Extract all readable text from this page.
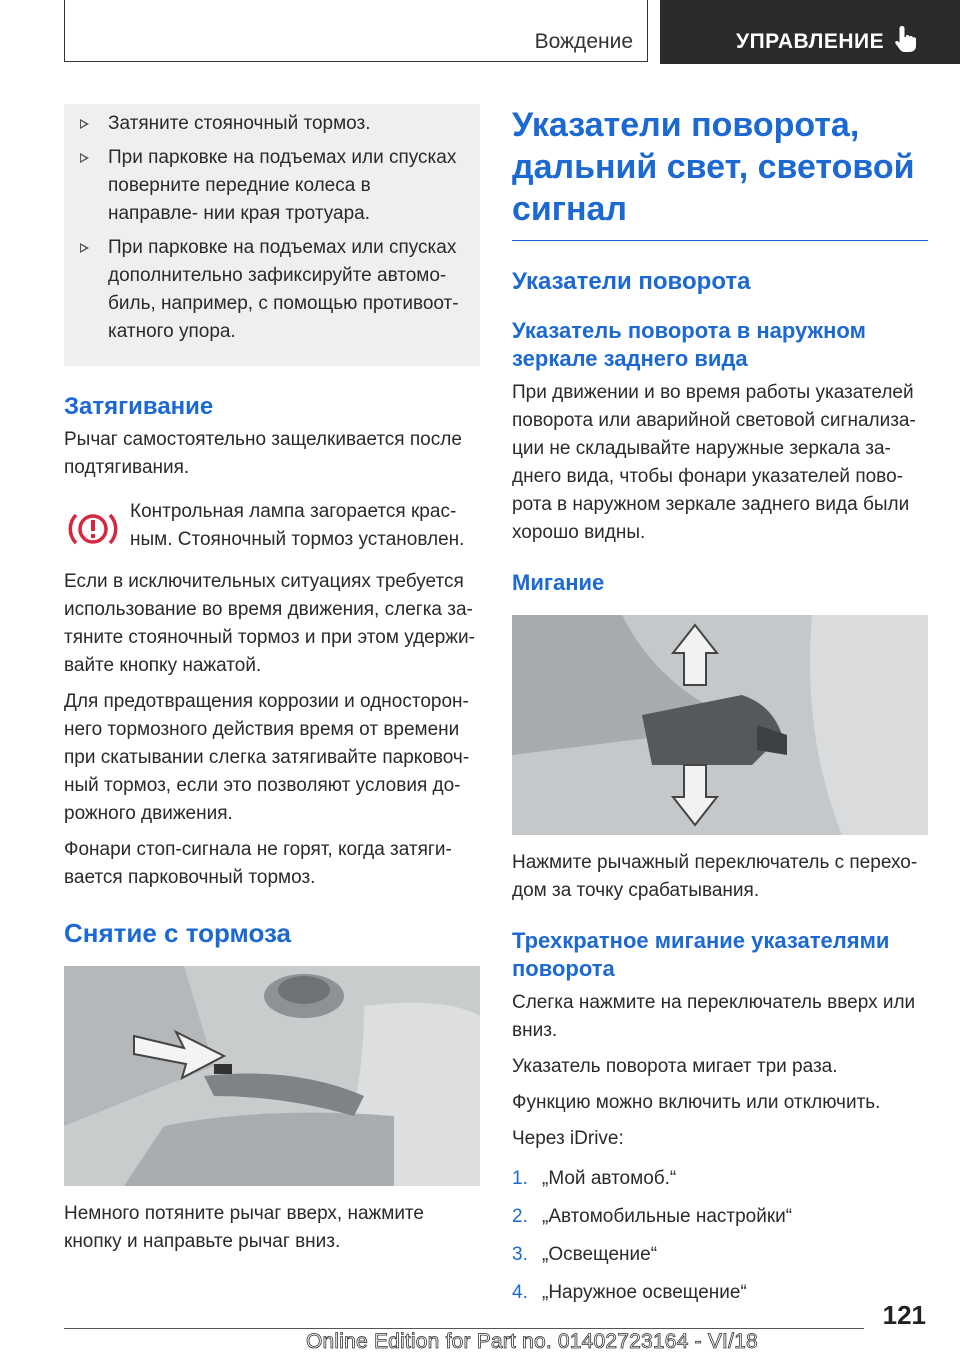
Вождение	УПРАВЛЕНИЕ
Затяните стояночный тормоз.
При парковке на подъемах или спусках поверните передние колеса в направле‐ нии края тротуара.
При парковке на подъемах или спусках дополнительно зафиксируйте автомо‐ биль, например, с помощью противоот‐ катного упора.
Затягивание

Рычаг самостоятельно защелкивается после подтягивания.

Контрольная лампа загорается крас‐ ным. Стояночный тормоз установлен.

Если в исключительных ситуациях требуется использование во время движения, слегка за‐ тяните стояночный тормоз и при этом удержи‐ вайте кнопку нажатой.

Для предотвращения коррозии и односторон‐ него тормозного действия время от времени при скатывании слегка затягивайте парковоч‐ ный тормоз, если это позволяют условия до‐ рожного движения.

Фонари стоп-сигнала не горят, когда затяги‐ вается парковочный тормоз.

Снятие с тормоза

Немного потяните рычаг вверх, нажмите кнопку и направьте рычаг вниз.

Указатели поворота, дальний свет, световой сигнал
Указатели поворота
Указатель поворота в наружном зеркале заднего вида

При движении и во время работы указателей поворота или аварийной световой сигнализа‐ ции не складывайте наружные зеркала за‐ днего вида, чтобы фонари указателей пово‐ рота в наружном зеркале заднего вида были хорошо видны.

Мигание

Нажмите рычажный переключатель с перехо‐ дом за точку срабатывания.

Трехкратное мигание указателями поворота

Слегка нажмите на переключатель вверх или вниз.

Указатель поворота мигает три раза.

Функцию можно включить или отключить.

Через iDrive:

1. „Мой автомоб.“
2. „Автомобильные настройки“
3. „Освещение“
4. „Наружное освещение“
121
Online Edition for Part no. 01402723164 - VI/18
